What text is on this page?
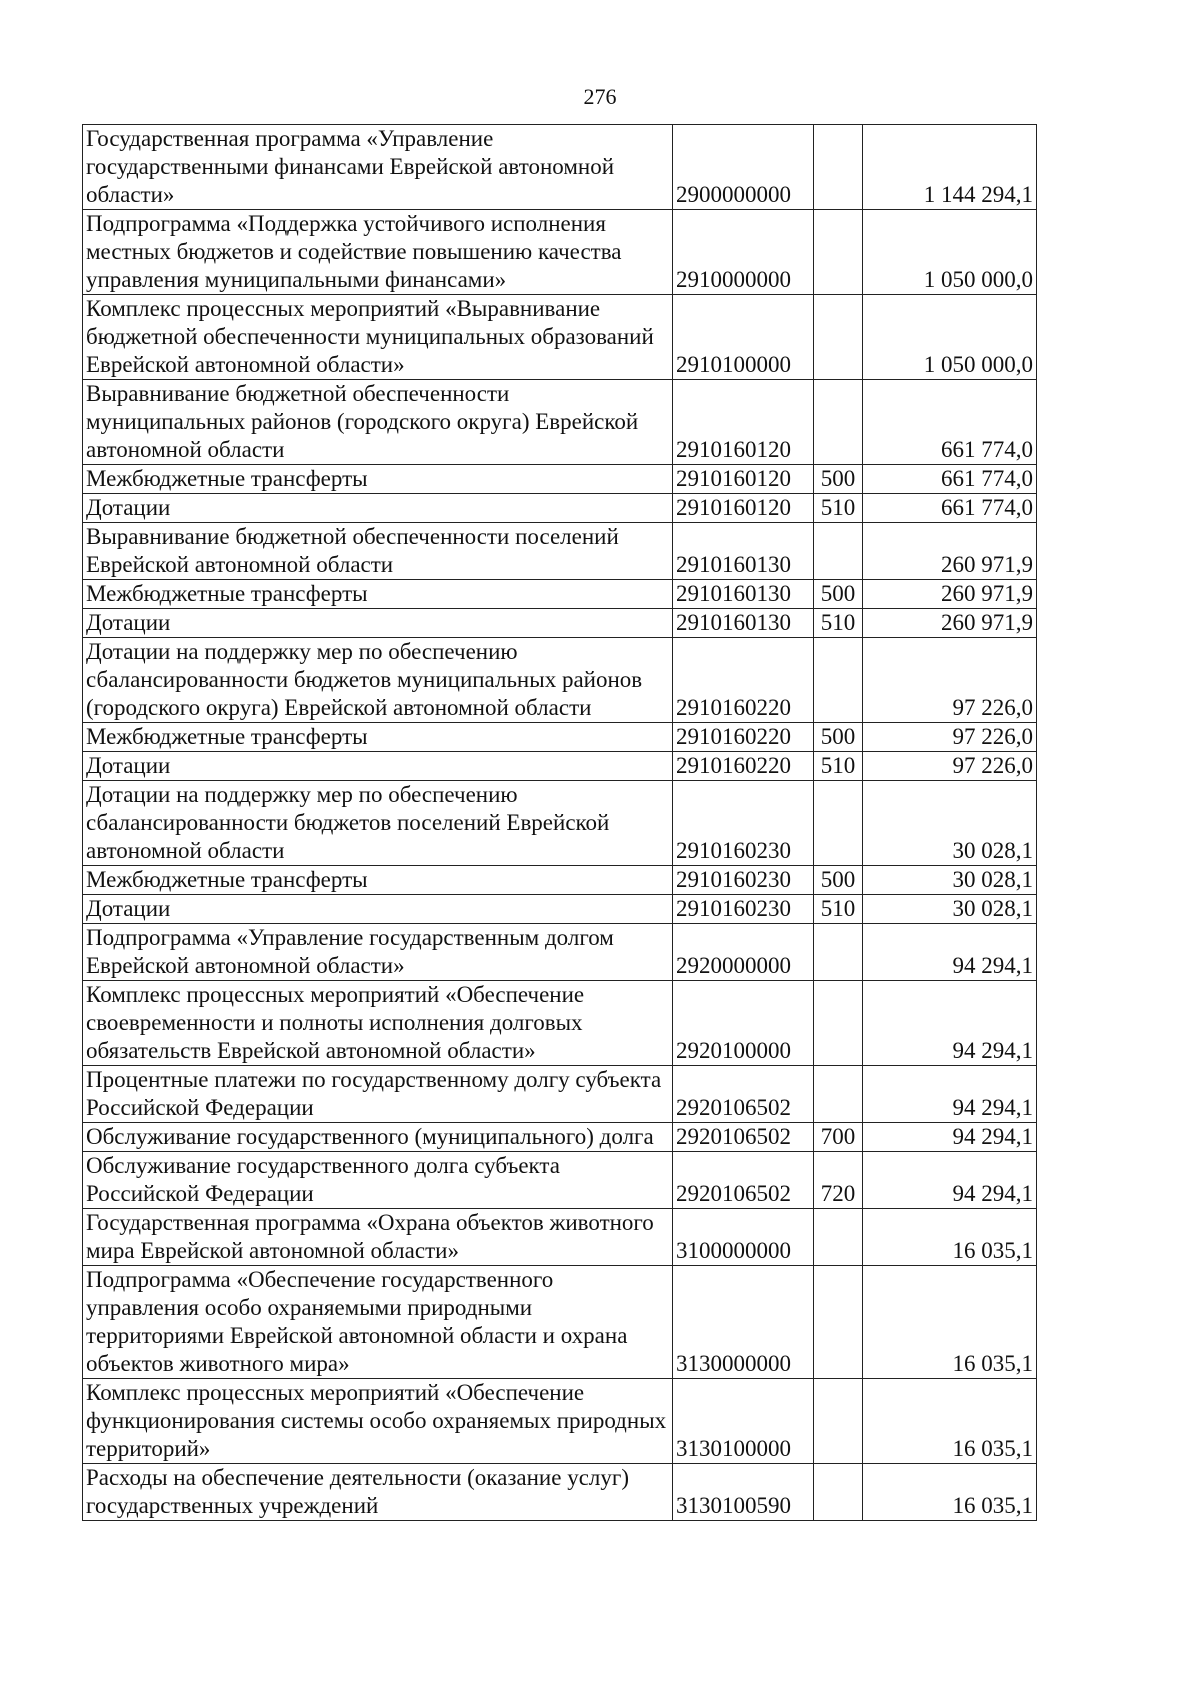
276
Государственная программа «Управление государственными финансами Еврейской автономной области»	2900000000		1 144 294,1
Подпрограмма «Поддержка устойчивого исполнения местных бюджетов и содействие повышению качества управления муниципальными финансами»	2910000000		1 050 000,0
Комплекс процессных мероприятий «Выравнивание бюджетной обеспеченности муниципальных образований Еврейской автономной области»	2910100000		1 050 000,0
Выравнивание бюджетной обеспеченности муниципальных районов (городского округа) Еврейской автономной области	2910160120		661 774,0
Межбюджетные трансферты	2910160120	500	661 774,0
Дотации	2910160120	510	661 774,0
Выравнивание бюджетной обеспеченности поселений Еврейской автономной области	2910160130		260 971,9
Межбюджетные трансферты	2910160130	500	260 971,9
Дотации	2910160130	510	260 971,9
Дотации на поддержку мер по обеспечению сбалансированности бюджетов муниципальных районов (городского округа) Еврейской автономной области	2910160220		97 226,0
Межбюджетные трансферты	2910160220	500	97 226,0
Дотации	2910160220	510	97 226,0
Дотации на поддержку мер по обеспечению сбалансированности бюджетов поселений Еврейской автономной области	2910160230		30 028,1
Межбюджетные трансферты	2910160230	500	30 028,1
Дотации	2910160230	510	30 028,1
Подпрограмма «Управление государственным долгом Еврейской автономной области»	2920000000		94 294,1
Комплекс процессных мероприятий «Обеспечение своевременности и полноты исполнения долговых обязательств Еврейской автономной области»	2920100000		94 294,1
Процентные платежи по государственному долгу субъекта Российской Федерации	2920106502		94 294,1
Обслуживание государственного (муниципального) долга	2920106502	700	94 294,1
Обслуживание государственного долга субъекта Российской Федерации	2920106502	720	94 294,1
Государственная программа «Охрана объектов животного мира Еврейской автономной области»	3100000000		16 035,1
Подпрограмма «Обеспечение государственного управления особо охраняемыми природными территориями Еврейской автономной области и охрана объектов животного мира»	3130000000		16 035,1
Комплекс процессных мероприятий «Обеспечение функционирования системы особо охраняемых природных территорий»	3130100000		16 035,1
Расходы на обеспечение деятельности (оказание услуг) государственных учреждений	3130100590		16 035,1
